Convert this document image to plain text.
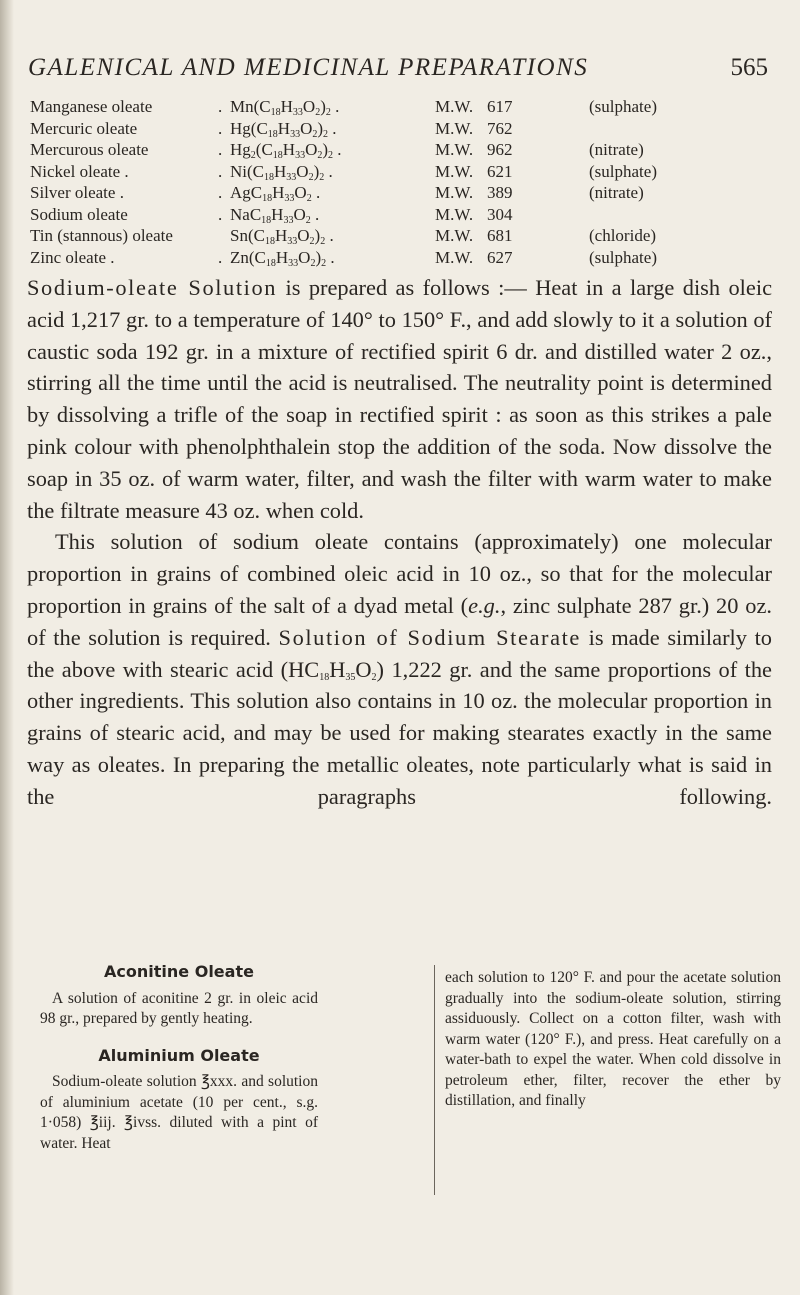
GALENICAL AND MEDICINAL PREPARATIONS	565
Manganese oleate	. $Mn(C_{18}H_{33}O_2)_2$ .	M.W. 617	(sulphate)
Mercuric oleate	. $Hg(C_{18}H_{33}O_2)_2$ .	M.W. 762
Mercurous oleate	. $Hg_2(C_{18}H_{33}O_2)_2$ .	M.W. 962	(nitrate)
Nickel oleate .	. $Ni(C_{18}H_{33}O_2)_2$ .	M.W. 621	(sulphate)
Silver oleate .	. $AgC_{18}H_{33}O_2$ .	M.W. 389	(nitrate)
Sodium oleate	. $NaC_{18}H_{33}O_2$ .	M.W. 304
Tin (stannous) oleate	$Sn(C_{18}H_{33}O_2)_2$ .	M.W. 681	(chloride)
Zinc oleate .	. $Zn(C_{18}H_{33}O_2)_2$ .	M.W. 627	(sulphate)

Sodium-oleate Solution is prepared as follows :— Heat in a large dish oleic acid 1,217 gr. to a temperature of 140° to 150° F., and add slowly to it a solution of caustic soda 192 gr. in a mixture of rectified spirit 6 dr. and distilled water 2 oz., stirring all the time until the acid is neutralised. The neutrality point is determined by dissolving a trifle of the soap in rectified spirit : as soon as this strikes a pale pink colour with phenolphthalein stop the addition of the soda. Now dissolve the soap in 35 oz. of warm water, filter, and wash the filter with warm water to make the filtrate measure 43 oz. when cold.

This solution of sodium oleate contains (approximately) one molecular proportion in grains of combined oleic acid in 10 oz., so that for the molecular proportion in grains of the salt of a dyad metal (e.g., zinc sulphate 287 gr.) 20 oz. of the solution is required. Solution of Sodium Stearate is made similarly to the above with stearic acid $(HC_{18}H_{35}O_2)$ 1,222 gr. and the same proportions of the other ingredients. This solution also contains in 10 oz. the molecular proportion in grains of stearic acid, and may be used for making stearates exactly in the same way as oleates. In preparing the metallic oleates, note particularly what is said in the paragraphs following.

Aconitine Oleate

A solution of aconitine 2 gr. in oleic acid 98 gr., prepared by gently heating.

Aluminium Oleate

Sodium-oleate solution ℥xxx. and solution of aluminium acetate (10 per cent., s.g. 1·058) ℥iij. ℥ivss. diluted with a pint of water. Heat

each solution to 120° F. and pour the acetate solution gradually into the sodium-oleate solution, stirring assiduously. Collect on a cotton filter, wash with warm water (120° F.), and press. Heat carefully on a water-bath to expel the water. When cold dissolve in petroleum ether, filter, recover the ether by distillation, and finally
